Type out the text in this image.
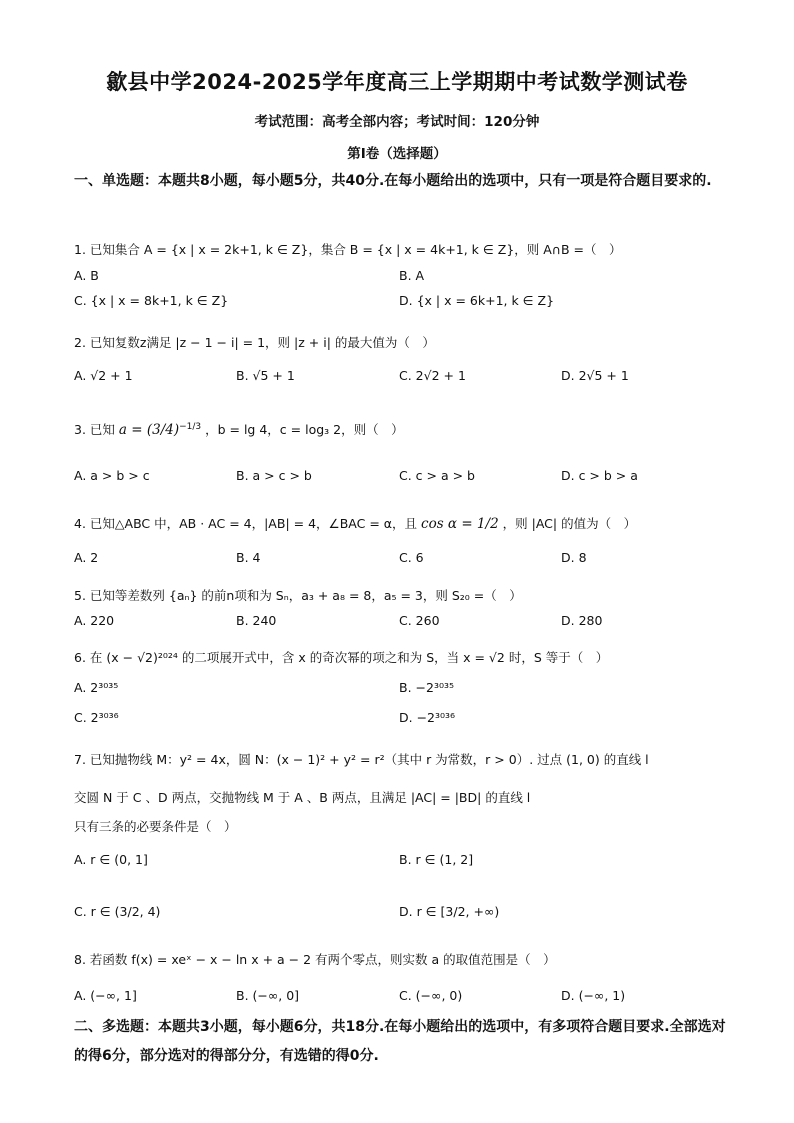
歙县中学2024-2025学年度高三上学期期中考试数学测试卷
考试范围：高考全部内容；考试时间：120分钟
第I卷（选择题）
一、单选题：本题共8小题，每小题5分，共40分.在每小题给出的选项中，只有一项是符合题目要求的.
1. 已知集合 A = {x | x = 2k+1, k ∈ Z}，集合 B = {x | x = 4k+1, k ∈ Z}，则 A∩B =（　）
A. B	B. A
C. {x | x = 8k+1, k ∈ Z}	D. {x | x = 6k+1, k ∈ Z}
2. 已知复数z满足 |z − 1 − i| = 1，则 |z + i| 的最大值为（　）
A. √2 + 1	B. √5 + 1	C. 2√2 + 1	D. 2√5 + 1
3. 已知 $a = (3/4)^{-1/3}$ ，b = lg 4，c = log₃ 2，则（　）
A. a > b > c	B. a > c > b	C. c > a > b	D. c > b > a
4. 已知△ABC 中，AB · AC = 4，|AB| = 4，∠BAC = α，且 cos α = 1/2 ，则 |AC| 的值为（　）
A. 2	B. 4	C. 6	D. 8
5. 已知等差数列 {aₙ} 的前n项和为 Sₙ，a₃ + a₈ = 8，a₅ = 3，则 S₂₀ =（　）
A. 220	B. 240	C. 260	D. 280
6. 在 (x − √2)²⁰²⁴ 的二项展开式中，含 x 的奇次幂的项之和为 S，当 x = √2 时，S 等于（　）
A. 2³⁰³⁵	B. −2³⁰³⁵
C. 2³⁰³⁶	D. −2³⁰³⁶
7. 已知抛物线 M：y² = 4x，圆 N：(x − 1)² + y² = r²（其中 r 为常数，r > 0）. 过点 (1, 0) 的直线 l
交圆 N 于 C 、D 两点，交抛物线 M 于 A 、B 两点，且满足 |AC| = |BD| 的直线 l
只有三条的必要条件是（　）
A. r ∈ (0, 1]	B. r ∈ (1, 2]
C. r ∈ (3/2, 4)	D. r ∈ [3/2, +∞)
8. 若函数 f(x) = xeˣ − x − ln x + a − 2 有两个零点，则实数 a 的取值范围是（　）
A. (−∞, 1]	B. (−∞, 0]	C. (−∞, 0)	D. (−∞, 1)
二、多选题：本题共3小题，每小题6分，共18分.在每小题给出的选项中，有多项符合题目要求.全部选对的得6分，部分选对的得部分分，有选错的得0分.
